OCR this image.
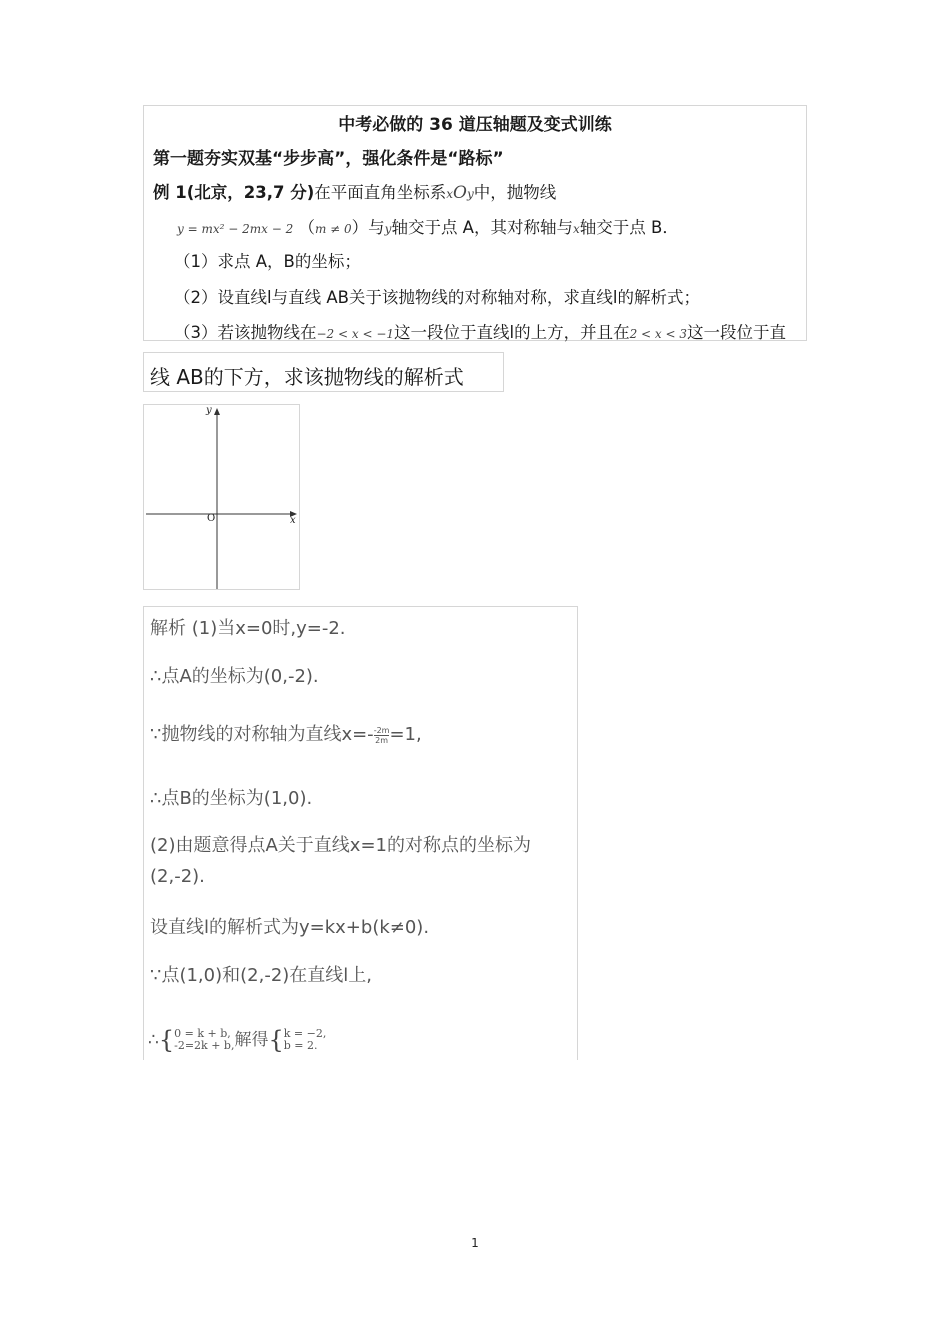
中考必做的 36 道压轴题及变式训练
第一题夯实双基“步步高”，强化条件是“路标”
例 1(北京，23,7 分)在平面直角坐标系xOy中，抛物线
y = mx² − 2mx − 2 （m ≠ 0）与y轴交于点 A，其对称轴与x轴交于点 B．
（1）求点 A，B的坐标；
（2）设直线l与直线 AB关于该抛物线的对称轴对称，求直线l的解析式；
（3）若该抛物线在−2 < x < −1这一段位于直线l的上方，并且在2 < x < 3这一段位于直
线 AB的下方，求该抛物线的解析式
y
x
O
解析 (1)当x=0时,y=-2.
∴点A的坐标为(0,-2).
∵抛物线的对称轴为直线$x=- \frac{-2m}{2m} =1$,
∴点B的坐标为(1,0).
(2)由题意得点A关于直线x=1的对称点的坐标为
(2,-2).
设直线l的解析式为y=kx+b(k≠0).
∵点(1,0)和(2,-2)在直线l上,
∴{ 0 = k + b,
-2=2k + b, 解得{ k = −2,
b = 2.
1
